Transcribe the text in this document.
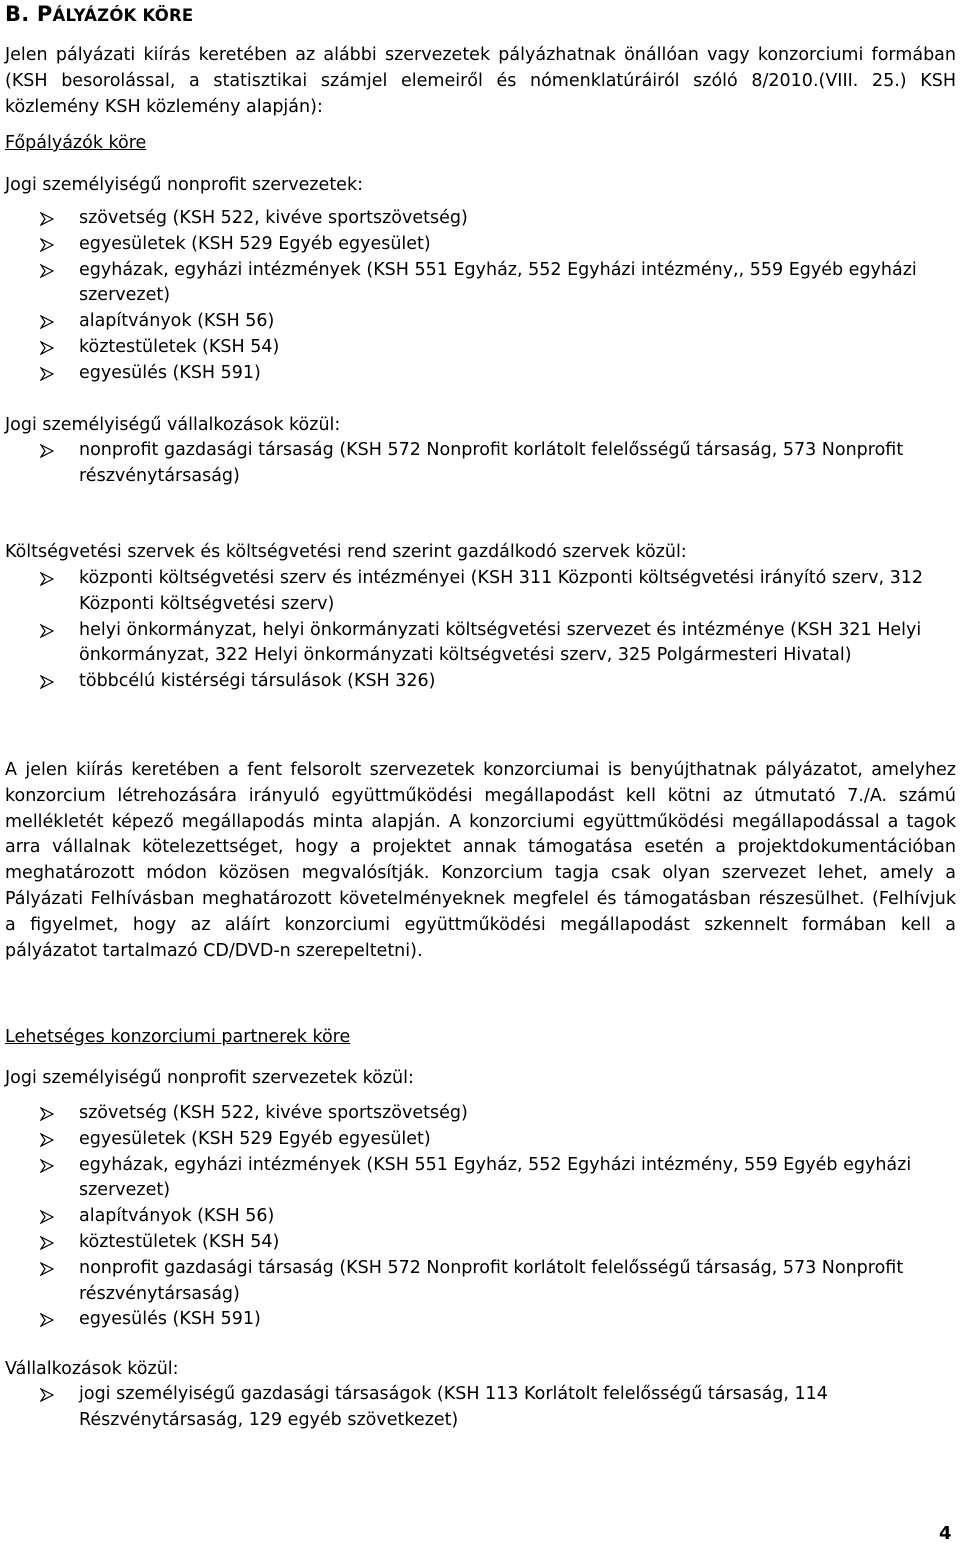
B. PÁLYÁZÓK KÖRE
Jelen pályázati kiírás keretében az alábbi szervezetek pályázhatnak önállóan vagy konzorciumi formában (KSH besorolással, a statisztikai számjel elemeiről és nómenklatúráiról szóló 8/2010.(VIII. 25.) KSH közlemény KSH közlemény alapján):
Főpályázók köre
Jogi személyiségű nonprofit szervezetek:
szövetség (KSH 522, kivéve sportszövetség)
egyesületek (KSH 529 Egyéb egyesület)
egyházak, egyházi intézmények (KSH 551 Egyház, 552 Egyházi intézmény,, 559 Egyéb egyházi szervezet)
alapítványok (KSH 56)
köztestületek (KSH 54)
egyesülés (KSH 591)
Jogi személyiségű vállalkozások közül:
nonprofit gazdasági társaság (KSH 572 Nonprofit korlátolt felelősségű társaság, 573 Nonprofit részvénytársaság)
Költségvetési szervek és költségvetési rend szerint gazdálkodó szervek közül:
központi költségvetési szerv és intézményei (KSH 311 Központi költségvetési irányító szerv, 312 Központi költségvetési szerv)
helyi önkormányzat, helyi önkormányzati költségvetési szervezet és intézménye (KSH 321 Helyi önkormányzat, 322 Helyi önkormányzati költségvetési szerv, 325 Polgármesteri Hivatal)
többcélú kistérségi társulások (KSH 326)
A jelen kiírás keretében a fent felsorolt szervezetek konzorciumai is benyújthatnak pályázatot, amelyhez konzorcium létrehozására irányuló együttműködési megállapodást kell kötni az útmutató 7./A. számú mellékletét képező megállapodás minta alapján. A konzorciumi együttműködési megállapodással a tagok arra vállalnak kötelezettséget, hogy a projektet annak támogatása esetén a projektdokumentációban meghatározott módon közösen megvalósítják. Konzorcium tagja csak olyan szervezet lehet, amely a Pályázati Felhívásban meghatározott követelményeknek megfelel és támogatásban részesülhet. (Felhívjuk a figyelmet, hogy az aláírt konzorciumi együttműködési megállapodást szkennelt formában kell a pályázatot tartalmazó CD/DVD-n szerepeltetni).
Lehetséges konzorciumi partnerek köre
Jogi személyiségű nonprofit szervezetek közül:
szövetség (KSH 522, kivéve sportszövetség)
egyesületek (KSH 529 Egyéb egyesület)
egyházak, egyházi intézmények (KSH 551 Egyház, 552 Egyházi intézmény, 559 Egyéb egyházi szervezet)
alapítványok (KSH 56)
köztestületek (KSH 54)
nonprofit gazdasági társaság (KSH 572 Nonprofit korlátolt felelősségű társaság, 573 Nonprofit részvénytársaság)
egyesülés (KSH 591)
Vállalkozások közül:
jogi személyiségű gazdasági társaságok (KSH 113 Korlátolt felelősségű társaság, 114 Részvénytársaság, 129 egyéb szövetkezet)
4
